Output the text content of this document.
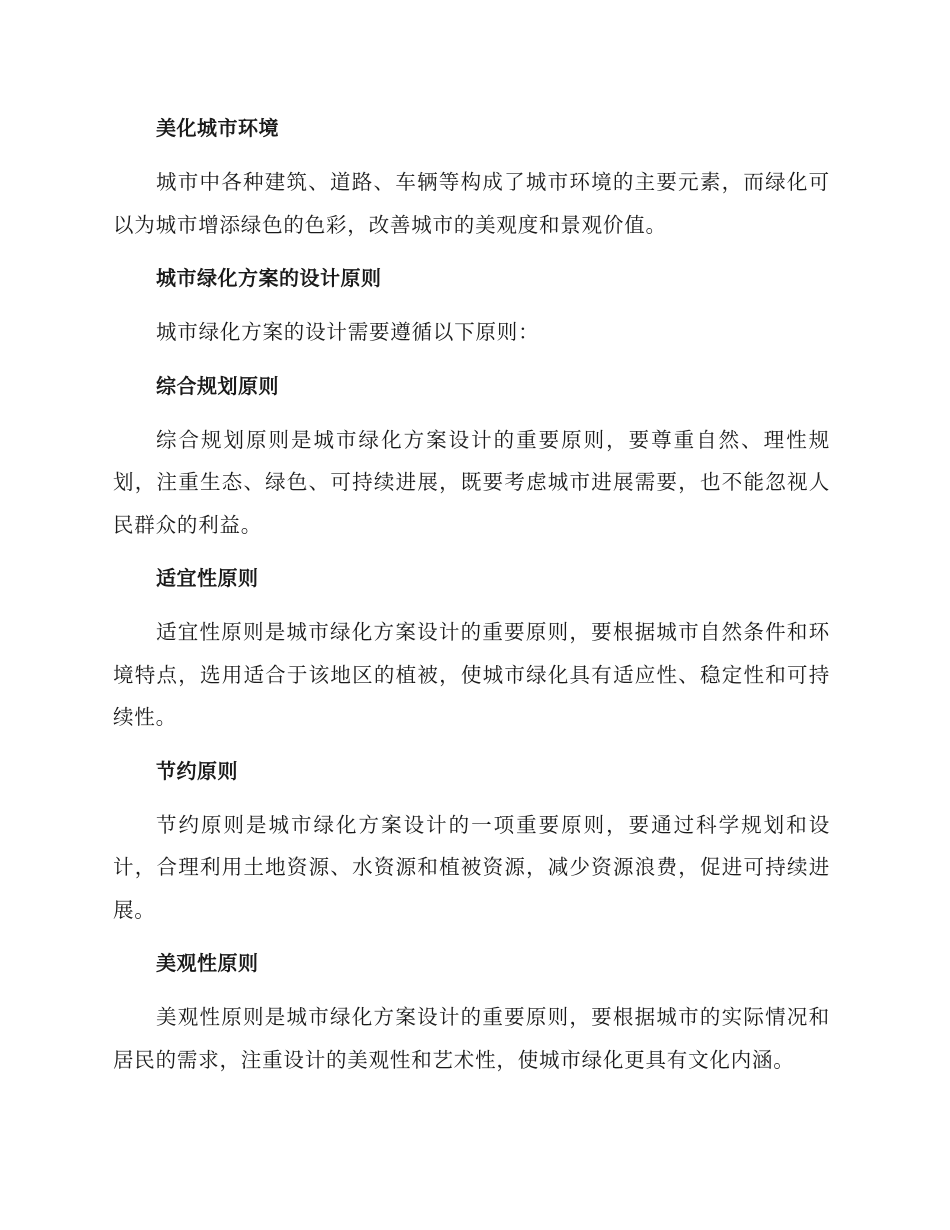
美化城市环境

城市中各种建筑、道路、车辆等构成了城市环境的主要元素，而绿化可以为城市增添绿色的色彩，改善城市的美观度和景观价值。

城市绿化方案的设计原则

城市绿化方案的设计需要遵循以下原则：

综合规划原则

综合规划原则是城市绿化方案设计的重要原则，要尊重自然、理性规划，注重生态、绿色、可持续进展，既要考虑城市进展需要，也不能忽视人民群众的利益。

适宜性原则

适宜性原则是城市绿化方案设计的重要原则，要根据城市自然条件和环境特点，选用适合于该地区的植被，使城市绿化具有适应性、稳定性和可持续性。

节约原则

节约原则是城市绿化方案设计的一项重要原则，要通过科学规划和设计，合理利用土地资源、水资源和植被资源，减少资源浪费，促进可持续进展。

美观性原则

美观性原则是城市绿化方案设计的重要原则，要根据城市的实际情况和居民的需求，注重设计的美观性和艺术性，使城市绿化更具有文化内涵。
